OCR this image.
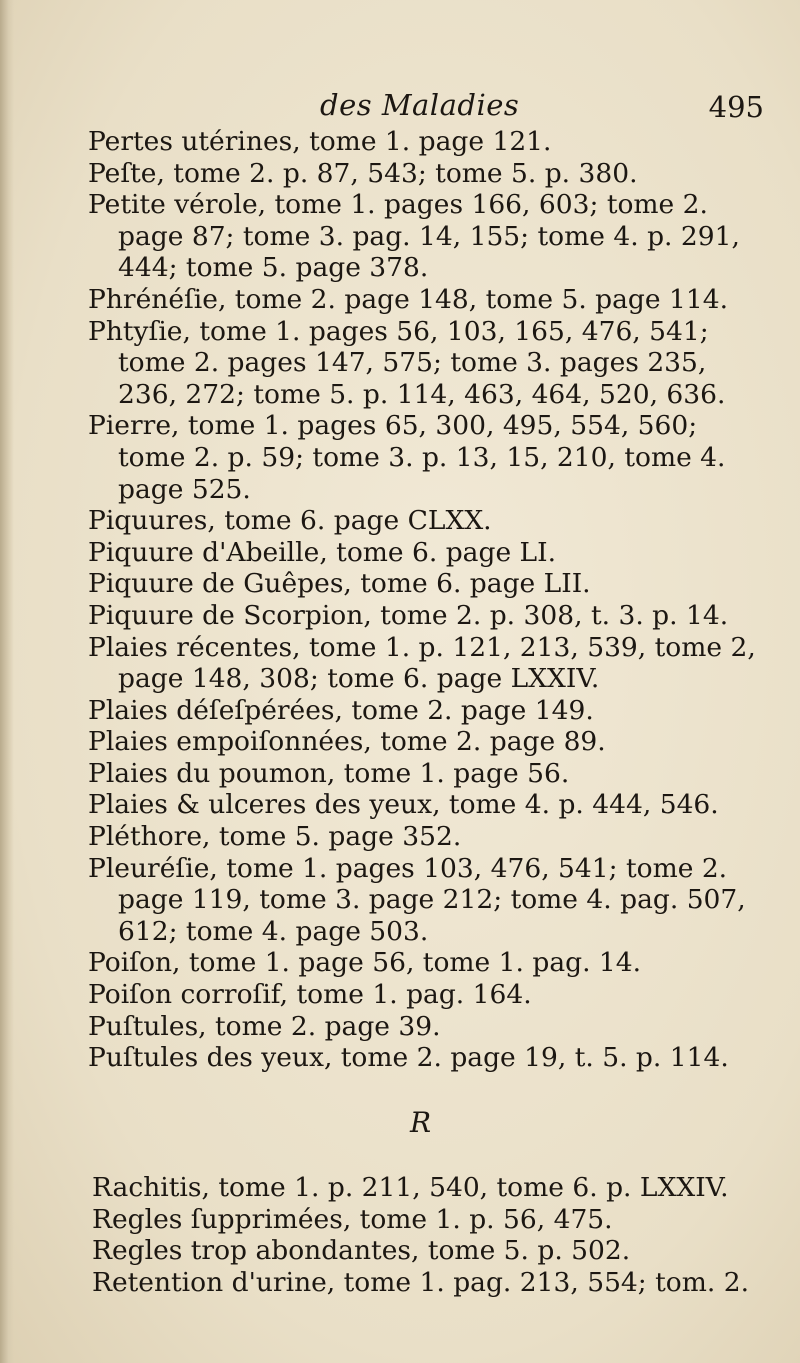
des Maladies	495
Pertes utérines, tome 1. page 121.
Peſte, tome 2. p. 87, 543; tome 5. p. 380.
Petite vérole, tome 1. pages 166, 603; tome 2.
page 87; tome 3. pag. 14, 155; tome 4. p. 291,
444; tome 5. page 378.
Phrénéſie, tome 2. page 148, tome 5. page 114.
Phtyſie, tome 1. pages 56, 103, 165, 476, 541;
tome 2. pages 147, 575; tome 3. pages 235,
236, 272; tome 5. p. 114, 463, 464, 520, 636.
Pierre, tome 1. pages 65, 300, 495, 554, 560;
tome 2. p. 59; tome 3. p. 13, 15, 210, tome 4.
page 525.
Piquures, tome 6. page CLXX.
Piquure d'Abeille, tome 6. page LI.
Piquure de Guêpes, tome 6. page LII.
Piquure de Scorpion, tome 2. p. 308, t. 3. p. 14.
Plaies récentes, tome 1. p. 121, 213, 539, tome 2,
page 148, 308; tome 6. page LXXIV.
Plaies déſeſpérées, tome 2. page 149.
Plaies empoiſonnées, tome 2. page 89.
Plaies du poumon, tome 1. page 56.
Plaies & ulceres des yeux, tome 4. p. 444, 546.
Pléthore, tome 5. page 352.
Pleuréſie, tome 1. pages 103, 476, 541; tome 2.
page 119, tome 3. page 212; tome 4. pag. 507,
612; tome 4. page 503.
Poiſon, tome 1. page 56, tome 1. pag. 14.
Poiſon corroſif, tome 1. pag. 164.
Puſtules, tome 2. page 39.
Puſtules des yeux, tome 2. page 19, t. 5. p. 114.
R
Rachitis, tome 1. p. 211, 540, tome 6. p. LXXIV.
Regles ſupprimées, tome 1. p. 56, 475.
Regles trop abondantes, tome 5. p. 502.
Retention d'urine, tome 1. pag. 213, 554; tom. 2.
